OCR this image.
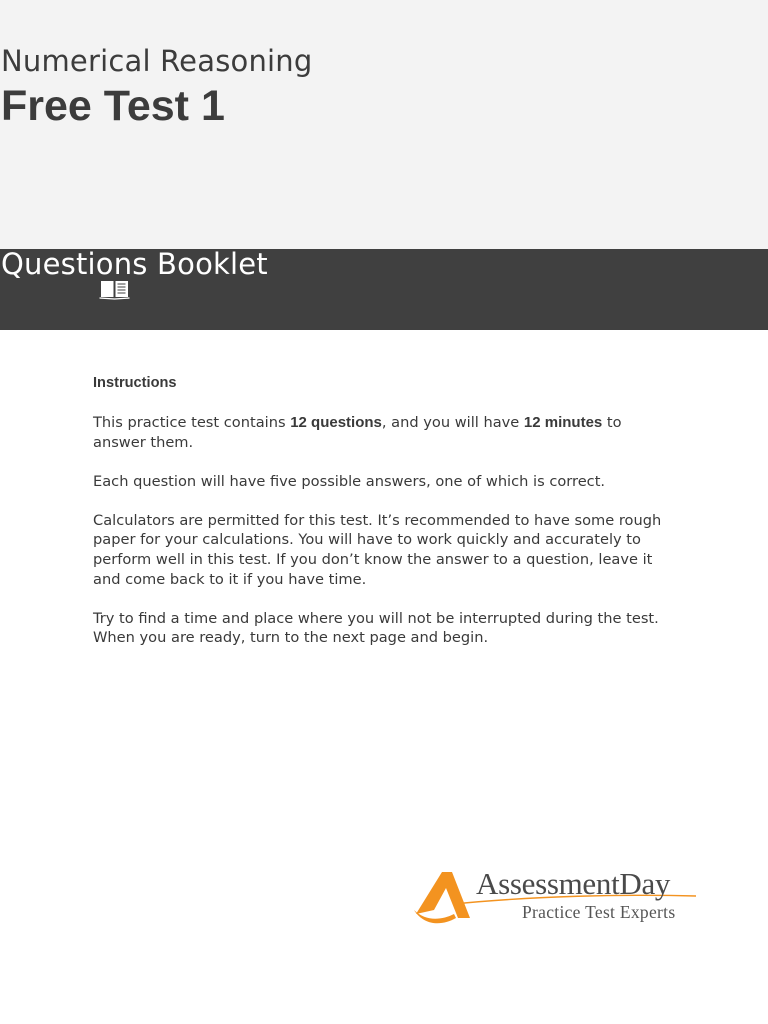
Numerical Reasoning
Free Test 1
Questions Booklet
Instructions

This practice test contains 12 questions, and you will have 12 minutes to answer them.

Each question will have five possible answers, one of which is correct.

Calculators are permitted for this test. It’s recommended to have some rough paper for your calculations. You will have to work quickly and accurately to perform well in this test. If you don’t know the answer to a question, leave it and come back to it if you have time.

Try to find a time and place where you will not be interrupted during the test. When you are ready, turn to the next page and begin.

AssessmentDay
Practice Test Experts
